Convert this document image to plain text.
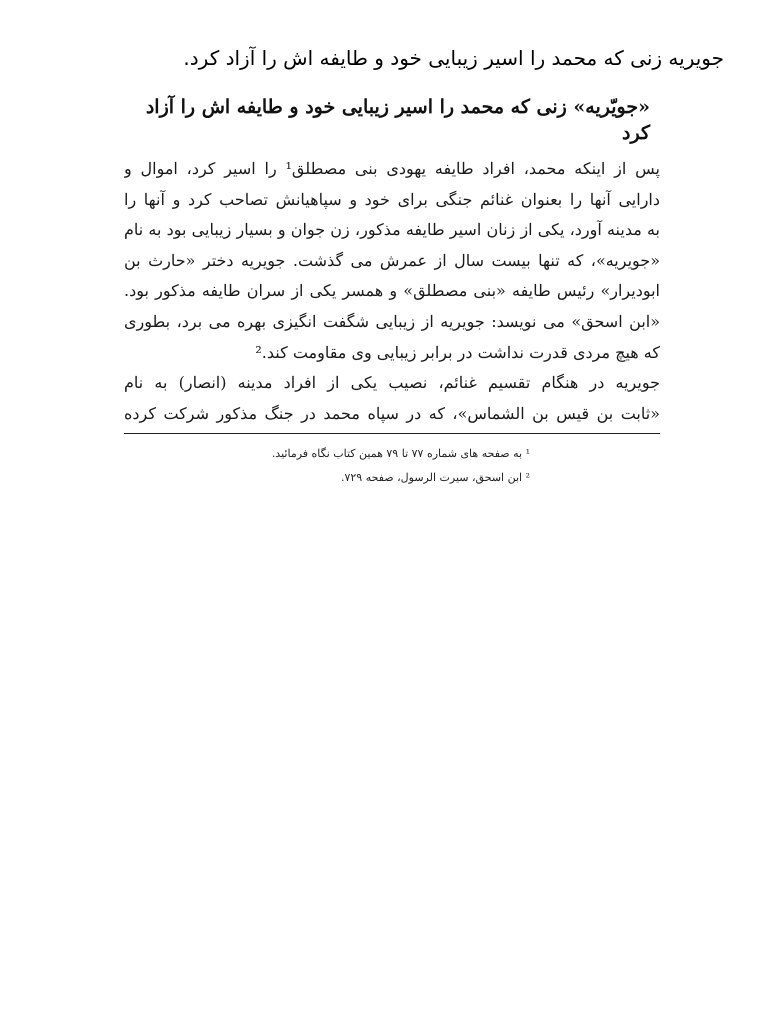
جویریه زنی که محمد را اسیر زیبایی خود و طایفه اش را آزاد کرد.
«جویّریه» زنی که محمد را اسیر زیبایی خود و طایفه اش را آزاد کرد
پس از اینکه محمد، افراد طایفه یهودی بنی مصطلق¹ را اسیر کرد، اموال و
دارایی آنها را بعنوان غنائم جنگی برای خود و سپاهیانش تصاحب کرد و آنها را
به مدینه آورد، یکی از زنان اسیر طایفه مذکور، زن جوان و بسیار زیبایی بود به نام
«جویریه»، که تنها بیست سال از عمرش می گذشت. جویریه دختر «حارث بن
ابودیرار» رئیس طایفه «بنی مصطلق» و همسر یکی از سران طایفه مذکور بود.
«ابن اسحق» می نویسد: جویریه از زیبایی شگفت انگیزی بهره می برد، بطوری
که هیچ مردی قدرت نداشت در برابر زیبایی وی مقاومت کند.²
جویریه در هنگام تقسیم غنائم، نصیب یکی از افراد مدینه (انصار) به نام
«ثابت بن قیس بن الشماس»، که در سپاه محمد در جنگ مذکور شرکت کرده
¹ به صفحه های شماره ۷۷ تا ۷۹ همین کتاب نگاه فرمائید.
² ابن اسحق، سیرت الرسول، صفحه ۷۲۹.
